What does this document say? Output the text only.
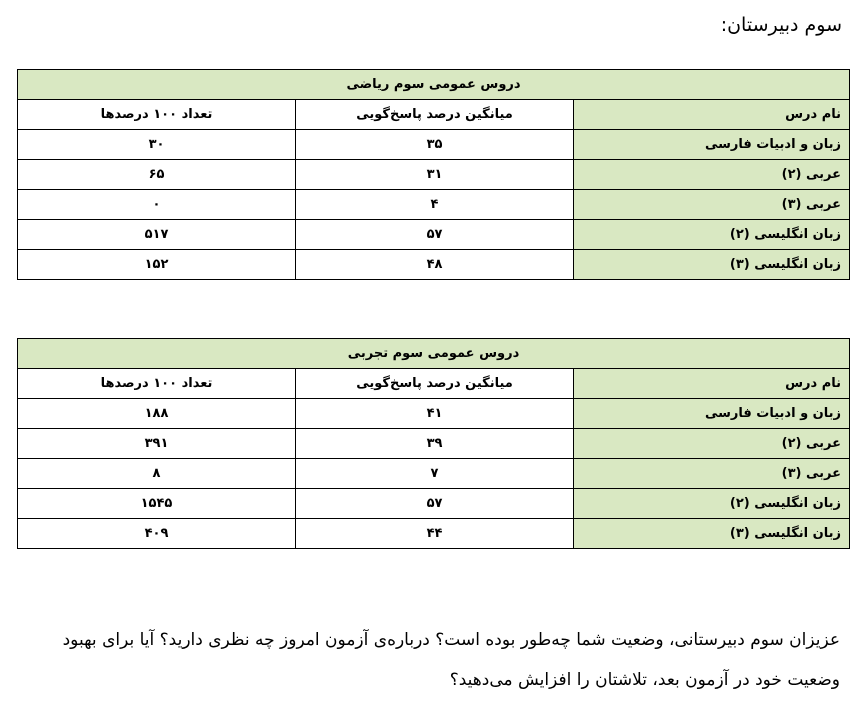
سوم دبیرستان:
دروس عمومی سوم ریاضی		
نام درس	میانگین درصد پاسخ‌گویی	تعداد ۱۰۰ درصدها
زبان و ادبیات فارسی	۳۵	۳۰
عربی (۲)	۳۱	۶۵
عربی (۳)	۴	۰
زبان انگلیسی (۲)	۵۷	۵۱۷
زبان انگلیسی (۳)	۴۸	۱۵۲
دروس عمومی سوم تجربی		
نام درس	میانگین درصد پاسخ‌گویی	تعداد ۱۰۰ درصدها
زبان و ادبیات فارسی	۴۱	۱۸۸
عربی (۲)	۳۹	۳۹۱
عربی (۳)	۷	۸
زبان انگلیسی (۲)	۵۷	۱۵۴۵
زبان انگلیسی (۳)	۴۴	۴۰۹
عزیزان سوم دبیرستانی، وضعیت شما چه‌طور بوده است؟ درباره‌ی آزمون امروز چه نظری دارید؟ آیا برای بهبود وضعیت خود در آزمون بعد، تلاشتان را افزایش می‌دهید؟
